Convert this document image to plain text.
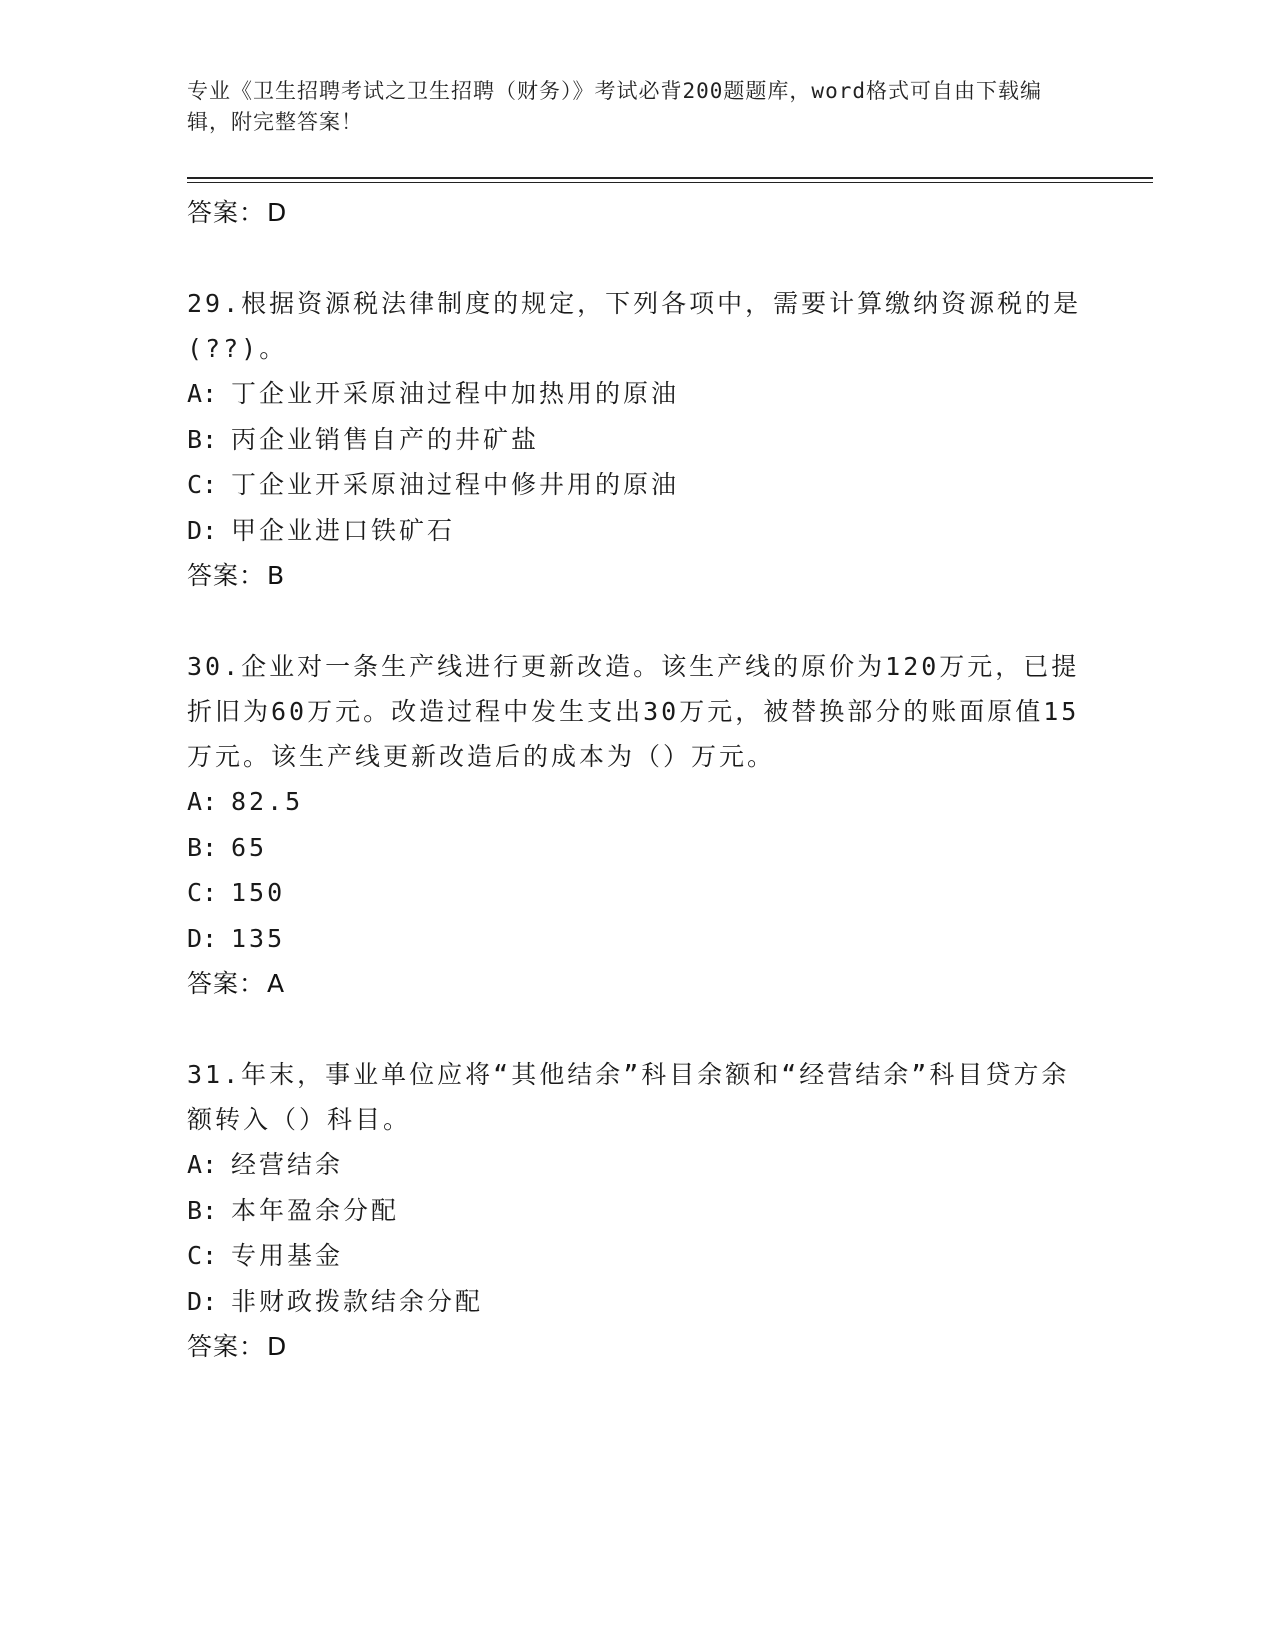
专业《卫生招聘考试之卫生招聘（财务）》考试必背200题题库，word格式可自由下载编辑，附完整答案！
答案：D
29.根据资源税法律制度的规定，下列各项中，需要计算缴纳资源税的是(??)。
A: 丁企业开采原油过程中加热用的原油
B: 丙企业销售自产的井矿盐
C: 丁企业开采原油过程中修井用的原油
D: 甲企业进口铁矿石
答案：B
30.企业对一条生产线进行更新改造。该生产线的原价为120万元，已提折旧为60万元。改造过程中发生支出30万元，被替换部分的账面原值15万元。该生产线更新改造后的成本为（）万元。
A: 82.5
B: 65
C: 150
D: 135
答案：A
31.年末，事业单位应将“其他结余”科目余额和“经营结余”科目贷方余额转入（）科目。
A: 经营结余
B: 本年盈余分配
C: 专用基金
D: 非财政拨款结余分配
答案：D
